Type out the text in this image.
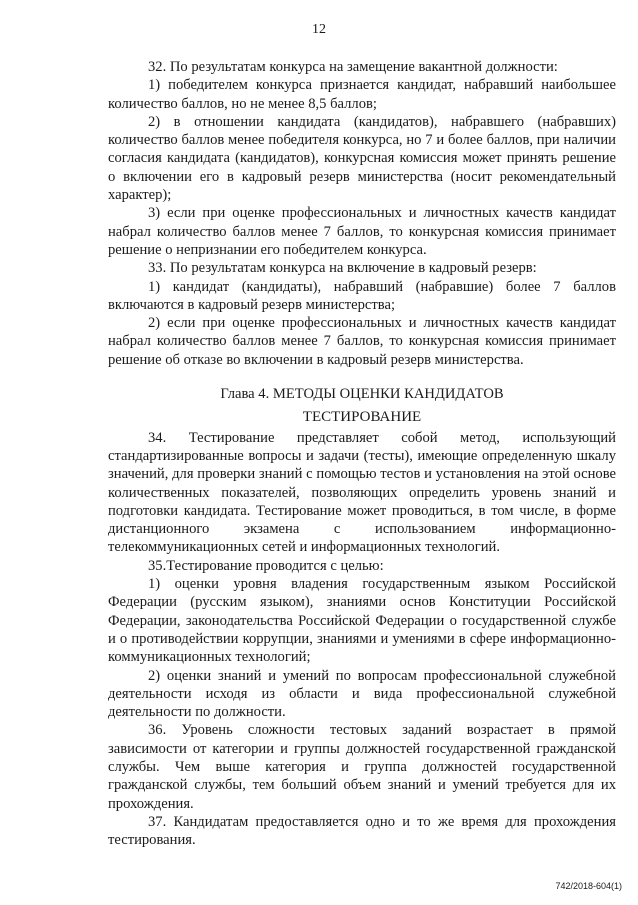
12

32. По результатам конкурса на замещение вакантной должности:

1) победителем конкурса признается кандидат, набравший наибольшее количество баллов, но не менее 8,5 баллов;

2) в отношении кандидата (кандидатов), набравшего (набравших) количество баллов менее победителя конкурса, но 7 и более баллов, при наличии согласия кандидата (кандидатов), конкурсная комиссия может принять решение о включении его в кадровый резерв министерства (носит рекомендательный характер);

3) если при оценке профессиональных и личностных качеств кандидат набрал количество баллов менее 7 баллов, то конкурсная комиссия принимает решение о непризнании его победителем конкурса.

33. По результатам конкурса на включение в кадровый резерв:

1) кандидат (кандидаты), набравший (набравшие) более 7 баллов включаются в кадровый резерв министерства;

2) если при оценке профессиональных и личностных качеств кандидат набрал количество баллов менее 7 баллов, то конкурсная комиссия принимает решение об отказе во включении в кадровый резерв министерства.

Глава 4. МЕТОДЫ ОЦЕНКИ КАНДИДАТОВ

ТЕСТИРОВАНИЕ

34. Тестирование представляет собой метод, использующий стандартизированные вопросы и задачи (тесты), имеющие определенную шкалу значений, для проверки знаний с помощью тестов и установления на этой основе количественных показателей, позволяющих определить уровень знаний и подготовки кандидата. Тестирование может проводиться, в том числе, в форме дистанционного экзамена с использованием информационно-телекоммуникационных сетей и информационных технологий.

35.Тестирование проводится с целью:

1) оценки уровня владения государственным языком Российской Федерации (русским языком), знаниями основ Конституции Российской Федерации, законодательства Российской Федерации о государственной службе и о противодействии коррупции, знаниями и умениями в сфере информационно-коммуникационных технологий;

2) оценки знаний и умений по вопросам профессиональной служебной деятельности исходя из области и вида профессиональной служебной деятельности по должности.

36. Уровень сложности тестовых заданий возрастает в прямой зависимости от категории и группы должностей государственной гражданской службы. Чем выше категория и группа должностей государственной гражданской службы, тем больший объем знаний и умений требуется для их прохождения.

37. Кандидатам предоставляется одно и то же время для прохождения тестирования.

742/2018-604(1)
